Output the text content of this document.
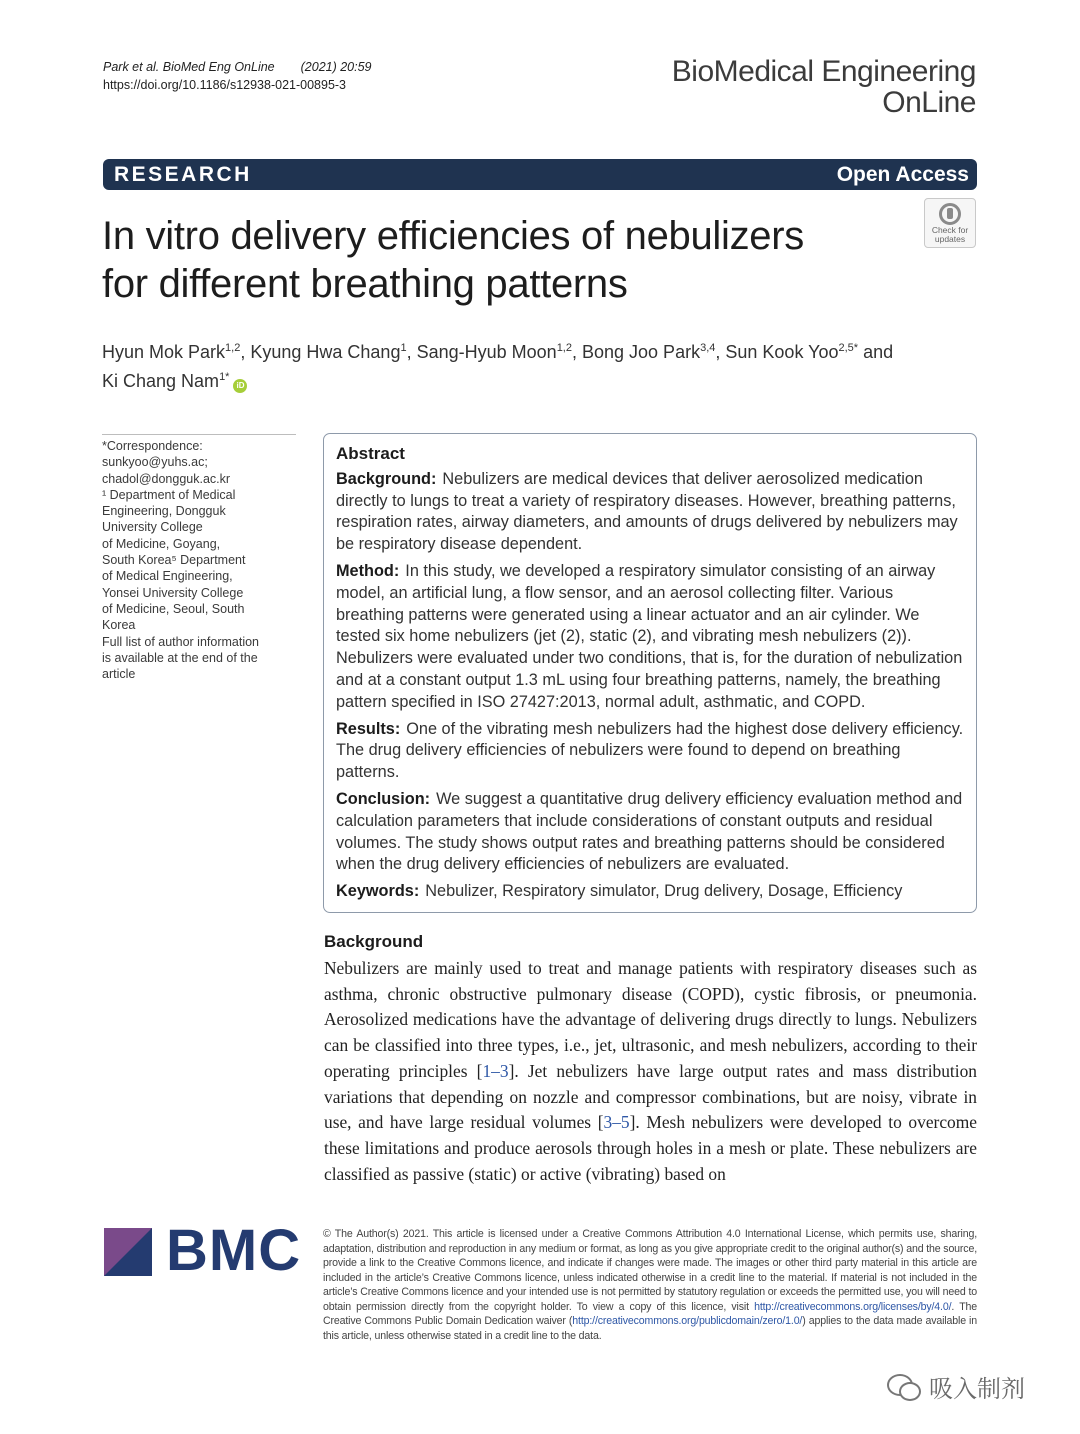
Park et al. BioMed Eng OnLine (2021) 20:59
https://doi.org/10.1186/s12938-021-00895-3	BioMedical Engineering
OnLine
RESEARCH	Open Access
In vitro delivery efficiencies of nebulizers
for different breathing patterns
Check for
updates
Hyun Mok Park$^{1,2}$, Kyung Hwa Chang$^1$, Sang-Hyub Moon$^{1,2}$, Bong Joo Park$^{3,4}$, Sun Kook Yoo$^{2,5*}$ and
Ki Chang Nam$^{1*}$iD
*Correspondence:
sunkyoo@yuhs.ac;
chadol@dongguk.ac.kr
¹ Department of Medical
Engineering, Dongguk
University College
of Medicine, Goyang,
South Korea⁵ Department
of Medical Engineering,
Yonsei University College
of Medicine, Seoul, South
Korea
Full list of author information
is available at the end of the
article
Abstract

Background: Nebulizers are medical devices that deliver aerosolized medication directly to lungs to treat a variety of respiratory diseases. However, breathing patterns, respiration rates, airway diameters, and amounts of drugs delivered by nebulizers may be respiratory disease dependent.

Method: In this study, we developed a respiratory simulator consisting of an airway model, an artificial lung, a flow sensor, and an aerosol collecting filter. Various breathing patterns were generated using a linear actuator and an air cylinder. We tested six home nebulizers (jet (2), static (2), and vibrating mesh nebulizers (2)). Nebulizers were evaluated under two conditions, that is, for the duration of nebulization and at a constant output 1.3 mL using four breathing patterns, namely, the breathing pattern specified in ISO 27427:2013, normal adult, asthmatic, and COPD.

Results: One of the vibrating mesh nebulizers had the highest dose delivery efficiency. The drug delivery efficiencies of nebulizers were found to depend on breathing patterns.

Conclusion: We suggest a quantitative drug delivery efficiency evaluation method and calculation parameters that include considerations of constant outputs and residual volumes. The study shows output rates and breathing patterns should be considered when the drug delivery efficiencies of nebulizers are evaluated.

Keywords: Nebulizer, Respiratory simulator, Drug delivery, Dosage, Efficiency

Background
Nebulizers are mainly used to treat and manage patients with respiratory diseases such as asthma, chronic obstructive pulmonary disease (COPD), cystic fibrosis, or pneumonia. Aerosolized medications have the advantage of delivering drugs directly to lungs. Nebulizers can be classified into three types, i.e., jet, ultrasonic, and mesh nebulizers, according to their operating principles [1–3]. Jet nebulizers have large output rates and mass distribution variations that depending on nozzle and compressor combinations, but are noisy, vibrate in use, and have large residual volumes [3–5]. Mesh nebulizers were developed to overcome these limitations and produce aerosols through holes in a mesh or plate. These nebulizers are classified as passive (static) or active (vibrating) based on
BMC © The Author(s) 2021. This article is licensed under a Creative Commons Attribution 4.0 International License, which permits use, sharing, adaptation, distribution and reproduction in any medium or format, as long as you give appropriate credit to the original author(s) and the source, provide a link to the Creative Commons licence, and indicate if changes were made. The images or other third party material in this article are included in the article’s Creative Commons licence, unless indicated otherwise in a credit line to the material. If material is not included in the article’s Creative Commons licence and your intended use is not permitted by statutory regulation or exceeds the permitted use, you will need to obtain permission directly from the copyright holder. To view a copy of this licence, visit http://creativecommons.org/licenses/by/4.0/. The Creative Commons Public Domain Dedication waiver (http://creativecommons.org/publicdomain/zero/1.0/) applies to the data made available in this article, unless otherwise stated in a credit line to the data.
吸入制剂
